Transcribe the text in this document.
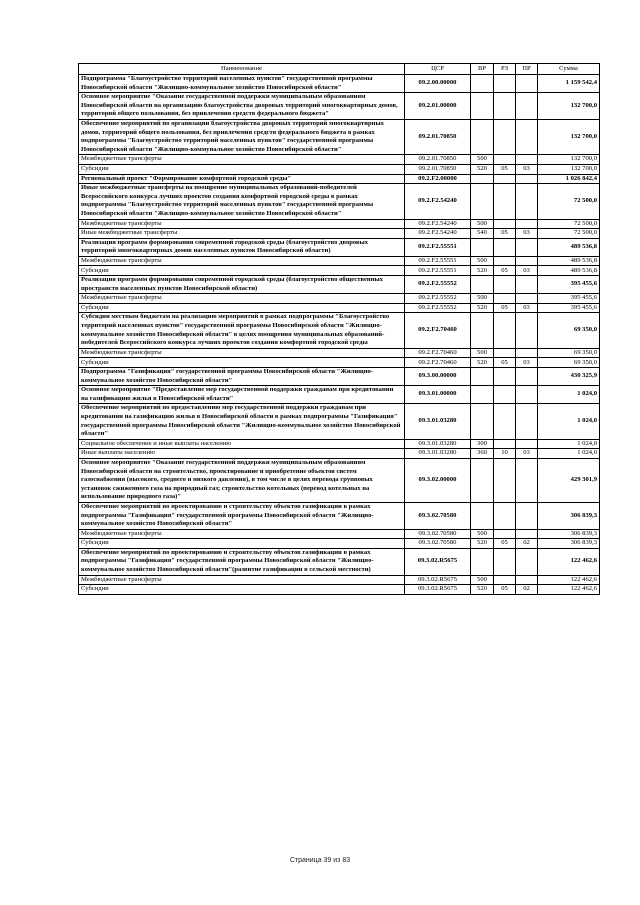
Наименование	ЦСР	ВР	РЗ	ПР	Сумма
Подпрограмма "Благоустройство территорий населенных пунктов" государственной программы Новосибирской области "Жилищно-коммунальное хозяйство Новосибирской области"	09.2.00.00000				1 159 542,4
Основное мероприятие "Оказание государственной поддержки муниципальным образованиям Новосибирской области на организацию благоустройства дворовых территорий многоквартирных домов, территорий общего пользования, без привлечения средств федерального бюджета"	09.2.01.00000				132 700,0
Обеспечение мероприятий по организации благоустройства дворовых территорий многоквартирных домов, территорий общего пользования, без привлечения средств федерального бюджета в рамках подпрограммы "Благоустройство территорий населенных пунктов" государственной программы Новосибирской области "Жилищно-коммунальное хозяйство Новосибирской области"	09.2.01.70850				132 700,0
Межбюджетные трансферты	09.2.01.70850	500			132 700,0
Субсидии	09.2.01.70850	520	05	03	132 700,0
Региональный проект "Формирование комфортной городской среды"	09.2.F2.00000				1 026 842,4
Иные межбюджетные трансферты на поощрение муниципальных образований-победителей Всероссийского конкурса лучших проектов создания комфортной городской среды в рамках подпрограммы "Благоустройство территорий населенных пунктов" государственной программы Новосибирской области "Жилищно-коммунальное хозяйство Новосибирской области"	09.2.F2.54240				72 500,0
Межбюджетные трансферты	09.2.F2.54240	500			72 500,0
Иные межбюджетные трансферты	09.2.F2.54240	540	05	03	72 500,0
Реализация программ формирования современной городской среды (благоустройство дворовых территорий многоквартирных домов населенных пунктов Новосибирской области)	09.2.F2.55551				489 536,8
Межбюджетные трансферты	09.2.F2.55551	500			489 536,8
Субсидии	09.2.F2.55551	520	05	03	489 536,8
Реализация программ формирования современной городской среды (благоустройство общественных пространств населенных пунктов Новосибирской области)	09.2.F2.55552				395 455,6
Межбюджетные трансферты	09.2.F2.55552	500			395 455,6
Субсидии	09.2.F2.55552	520	05	03	395 455,6
Субсидии местным бюджетам на реализацию мероприятий в рамках подпрограммы "Благоустройство территорий населенных пунктов" государственной программы Новосибирской области "Жилищно-коммунальное хозяйство Новосибирской области" в целях поощрения муниципальных образований-победителей Всероссийского конкурса лучших проектов создания комфортной городской среды	09.2.F2.70460				69 350,0
Межбюджетные трансферты	09.2.F2.70460	500			69 350,0
Субсидии	09.2.F2.70460	520	05	03	69 350,0
Подпрограмма "Газификация" государственной программы Новосибирской области "Жилищно-коммунальное хозяйство Новосибирской области"	09.3.00.00000				430 325,9
Основное мероприятие "Предоставление мер государственной поддержки гражданам при кредитовании на газификацию жилья в Новосибирской области"	09.3.01.00000				1 024,0
Обеспечение мероприятий по предоставлению мер государственной поддержки гражданам при кредитовании на газификацию жилья в Новосибирской области в рамках подпрограммы "Газификация" государственной программы Новосибирской области "Жилищно-коммунальное хозяйство Новосибирской области"	09.3.01.03280				1 024,0
Социальное обеспечение и иные выплаты населению	09.3.01.03280	300			1 024,0
Иные выплаты населению	09.3.01.03280	360	10	03	1 024,0
Основное мероприятие "Оказание государственной поддержки муниципальным образованиям Новосибирской области на строительство, проектирование и приобретение объектов систем газоснабжения (высокого, среднего и низкого давления), в том числе в целях перевода групповых установок сжиженного газа на природный газ; строительство котельных (перевод котельных на использование природного газа)"	09.3.02.00000				429 301,9
Обеспечение мероприятий по проектированию и строительству объектов газификации в рамках подпрограммы "Газификация" государственной программы Новосибирской области "Жилищно-коммунальное хозяйство Новосибирской области"	09.3.02.70580				306 839,3
Межбюджетные трансферты	09.3.02.70580	500			306 839,3
Субсидии	09.3.02.70580	520	05	02	306 839,3
Обеспечение мероприятий по проектированию и строительству объектов газификации в рамках подпрограммы "Газификация" государственной программы Новосибирской области "Жилищно-коммунальное хозяйство Новосибирской области"(развитие газификации в сельской местности)	09.3.02.R5675				122 462,6
Межбюджетные трансферты	09.3.02.R5675	500			122 462,6
Субсидии	09.3.02.R5675	520	05	02	122 462,6
Страница 39 из 83
